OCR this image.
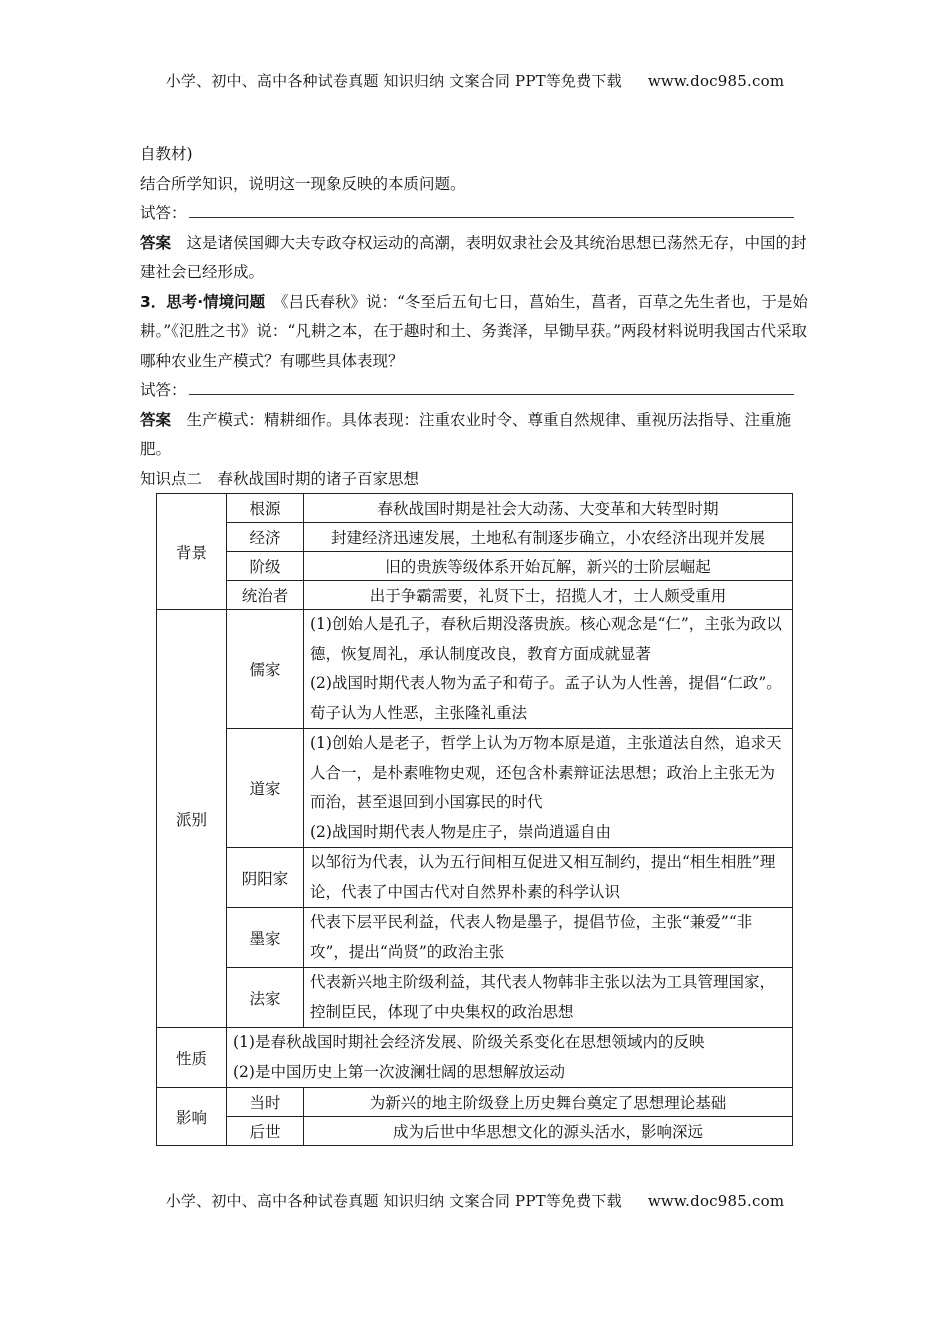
小学、初中、高中各种试卷真题 知识归纳 文案合同 PPT等免费下载 www.doc985.com

自教材)

结合所学知识，说明这一现象反映的本质问题。

试答：

答案　 这是诸侯国卿大夫专政夺权运动的高潮，表明奴隶社会及其统治思想已荡然无存，中国的封建社会已经形成。

3．思考·情境问题　 《吕氏春秋》说：“冬至后五旬七日，菖始生，菖者，百草之先生者也，于是始耕。”《氾胜之书》说：“凡耕之本，在于趣时和土、务粪泽，早锄早获。”两段材料说明我国古代采取哪种农业生产模式？有哪些具体表现？

试答：

答案　 生产模式：精耕细作。具体表现：注重农业时令、尊重自然规律、重视历法指导、注重施肥。

知识点二　春秋战国时期的诸子百家思想

背景	根源	春秋战国时期是社会大动荡、大变革和大转型时期
	经济	封建经济迅速发展，土地私有制逐步确立，小农经济出现并发展
	阶级	旧的贵族等级体系开始瓦解，新兴的士阶层崛起
	统治者	出于争霸需要，礼贤下士，招揽人才，士人颇受重用
派别	儒家	(1)创始人是孔子，春秋后期没落贵族。核心观念是“仁”，主张为政以德，恢复周礼，承认制度改良，教育方面成就显著
(2)战国时期代表人物为孟子和荀子。孟子认为人性善，提倡“仁政”。荀子认为人性恶，主张隆礼重法

	道家	(1)创始人是老子，哲学上认为万物本原是道，主张道法自然，追求天人合一，是朴素唯物史观，还包含朴素辩证法思想；政治上主张无为而治，甚至退回到小国寡民的时代
(2)战国时期代表人物是庄子，崇尚逍遥自由

	阴阳家	以邹衍为代表，认为五行间相互促进又相互制约，提出“相生相胜”理论，代表了中国古代对自然界朴素的科学认识
	墨家	代表下层平民利益，代表人物是墨子，提倡节俭，主张“兼爱”“非攻”，提出“尚贤”的政治主张
	法家	代表新兴地主阶级利益，其代表人物韩非主张以法为工具管理国家，控制臣民，体现了中央集权的政治思想
性质	(1)是春秋战国时期社会经济发展、阶级关系变化在思想领域内的反映
(2)是中国历史上第一次波澜壮阔的思想解放运动	

影响	当时	为新兴的地主阶级登上历史舞台奠定了思想理论基础
	后世	成为后世中华思想文化的源头活水，影响深远
小学、初中、高中各种试卷真题 知识归纳 文案合同 PPT等免费下载 www.doc985.com
